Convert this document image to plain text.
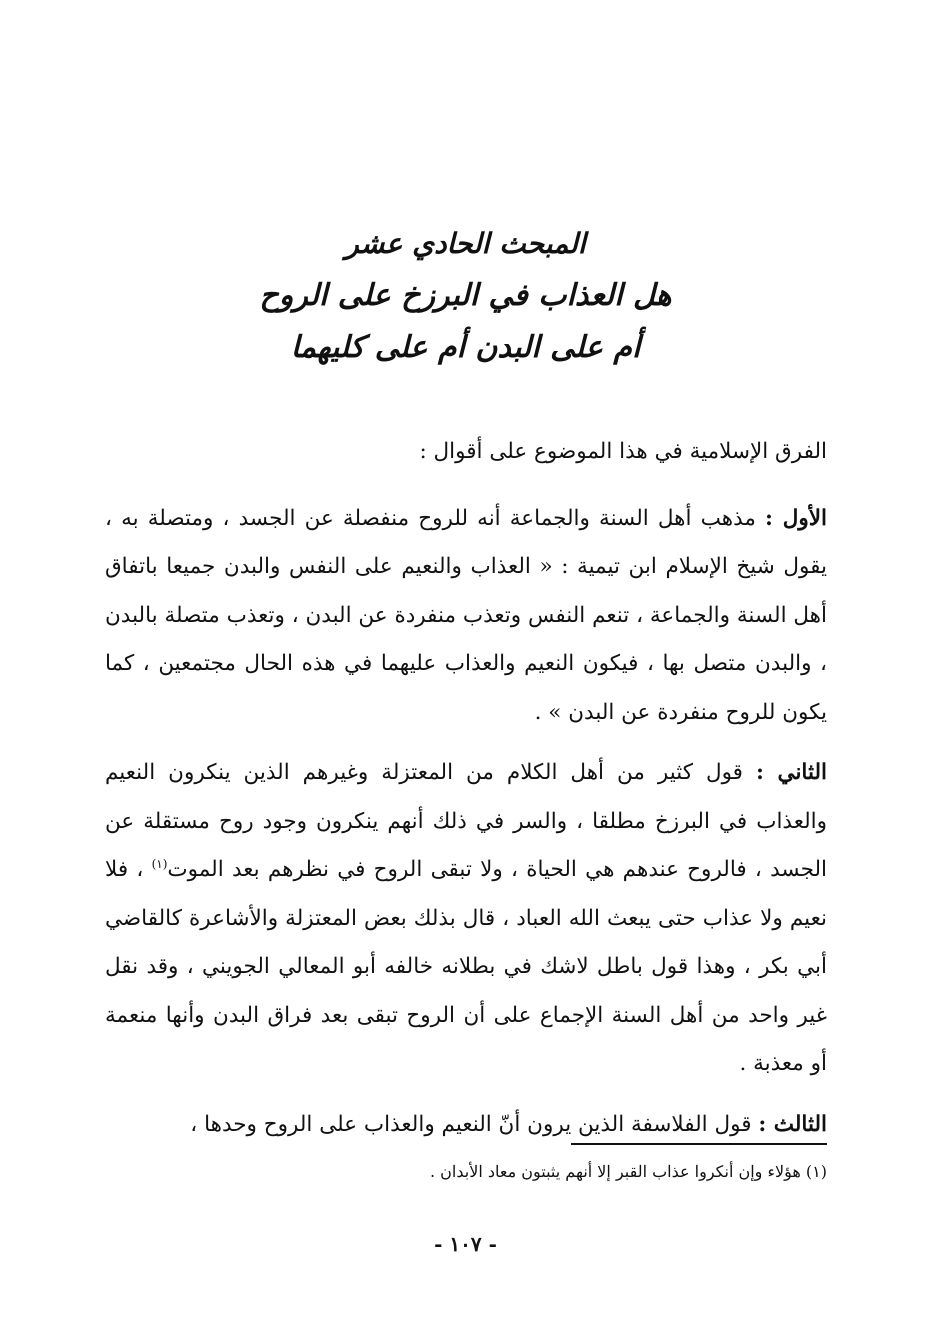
المبحث الحادي عشر
هل العذاب في البرزخ على الروح
أم على البدن أم على كليهما

الفرق الإسلامية في هذا الموضوع على أقوال :

الأول : مذهب أهل السنة والجماعة أنه للروح منفصلة عن الجسد ، ومتصلة به ، يقول شيخ الإسلام ابن تيمية : « العذاب والنعيم على النفس والبدن جميعا باتفاق أهل السنة والجماعة ، تنعم النفس وتعذب منفردة عن البدن ، وتعذب متصلة بالبدن ، والبدن متصل بها ، فيكون النعيم والعذاب عليهما في هذه الحال مجتمعين ، كما يكون للروح منفردة عن البدن » .

الثاني : قول كثير من أهل الكلام من المعتزلة وغيرهم الذين ينكرون النعيم والعذاب في البرزخ مطلقا ، والسر في ذلك أنهم ينكرون وجود روح مستقلة عن الجسد ، فالروح عندهم هي الحياة ، ولا تبقى الروح في نظرهم بعد الموت$^{(١)}$ ، فلا نعيم ولا عذاب حتى يبعث الله العباد ، قال بذلك بعض المعتزلة والأشاعرة كالقاضي أبي بكر ، وهذا قول باطل لاشك في بطلانه خالفه أبو المعالي الجويني ، وقد نقل غير واحد من أهل السنة الإجماع على أن الروح تبقى بعد فراق البدن وأنها منعمة أو معذبة .

الثالث : قول الفلاسفة الذين يرون أنّ النعيم والعذاب على الروح وحدها ،

(١) هؤلاء وإن أنكروا عذاب القبر إلا أنهم يثبتون معاد الأبدان .
- ١٠٧ -
